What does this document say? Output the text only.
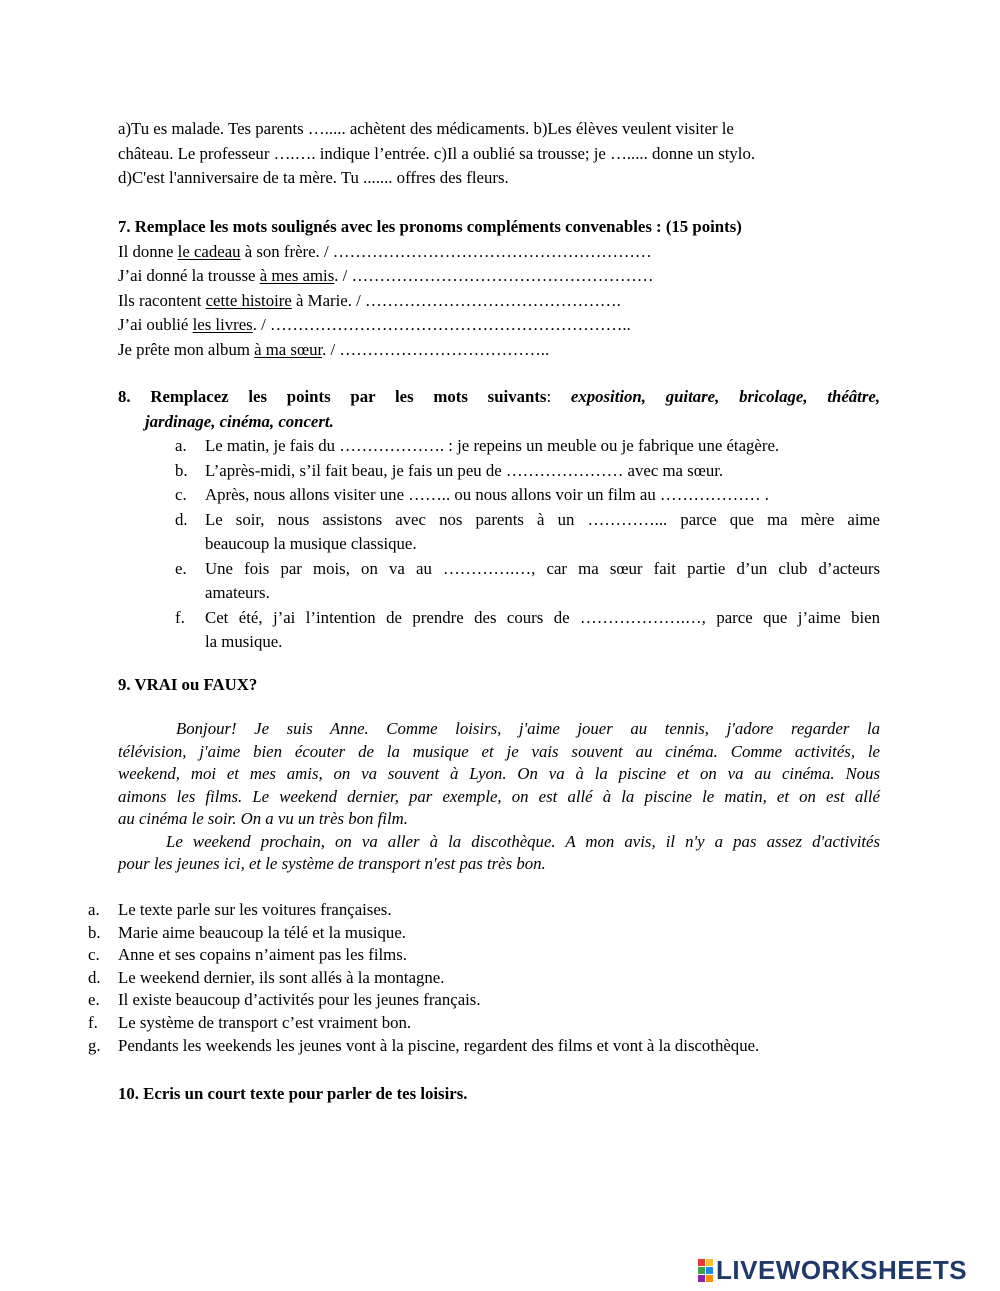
a)Tu es malade. Tes parents …..... achètent des médicaments. b)Les élèves veulent visiter le
château. Le professeur ….…. indique l’entrée. c)Il a oublié sa trousse; je …..... donne un stylo.
d)C'est l'anniversaire de ta mère. Tu ....... offres des fleurs.
7. Remplace les mots soulignés avec les pronoms compléments convenables : (15 points)
Il donne le cadeau à son frère. / …………………………………………………
J’ai donné la trousse à mes amis. / ………………………………………………
Ils racontent cette histoire à Marie. / ……………………………………….
J’ai oublié les livres. / ………………………………………………………..
Je prête mon album à ma sœur. / ………………………………..
8. Remplacez les points par les mots suivants: exposition, guitare, bricolage, théâtre,
jardinage, cinéma, concert.
a. Le matin, je fais du ………………. : je repeins un meuble ou je fabrique une étagère.
b. L’après-midi, s’il fait beau, je fais un peu de ………………… avec ma sœur.
c. Après, nous allons visiter une …….. ou nous allons voir un film au ……………… .
d. Le soir, nous assistons avec nos parents à un …………... parce que ma mère aime
beaucoup la musique classique.
e. Une fois par mois, on va au ………….…, car ma sœur fait partie d’un club d’acteurs
amateurs.
f. Cet été, j’ai l’intention de prendre des cours de ……………….…, parce que j’aime bien
la musique.
9. VRAI ou FAUX?
Bonjour! Je suis Anne. Comme loisirs, j'aime jouer au tennis, j'adore regarder la
télévision, j'aime bien écouter de la musique et je vais souvent au cinéma. Comme activités, le
weekend, moi et mes amis, on va souvent à Lyon. On va à la piscine et on va au cinéma. Nous
aimons les films. Le weekend dernier, par exemple, on est allé à la piscine le matin, et on est allé
au cinéma le soir. On a vu un très bon film.
Le weekend prochain, on va aller à la discothèque. A mon avis, il n'y a pas assez d'activités
pour les jeunes ici, et le système de transport n'est pas très bon.
a. Le texte parle sur les voitures françaises.
b. Marie aime beaucoup la télé et la musique.
c. Anne et ses copains n’aiment pas les films.
d. Le weekend dernier, ils sont allés à la montagne.
e. Il existe beaucoup d’activités pour les jeunes français.
f. Le système de transport c’est vraiment bon.
g. Pendants les weekends les jeunes vont à la piscine, regardent des films et vont à la discothèque.
10. Ecris un court texte pour parler de tes loisirs.
LIVEWORKSHEETS
